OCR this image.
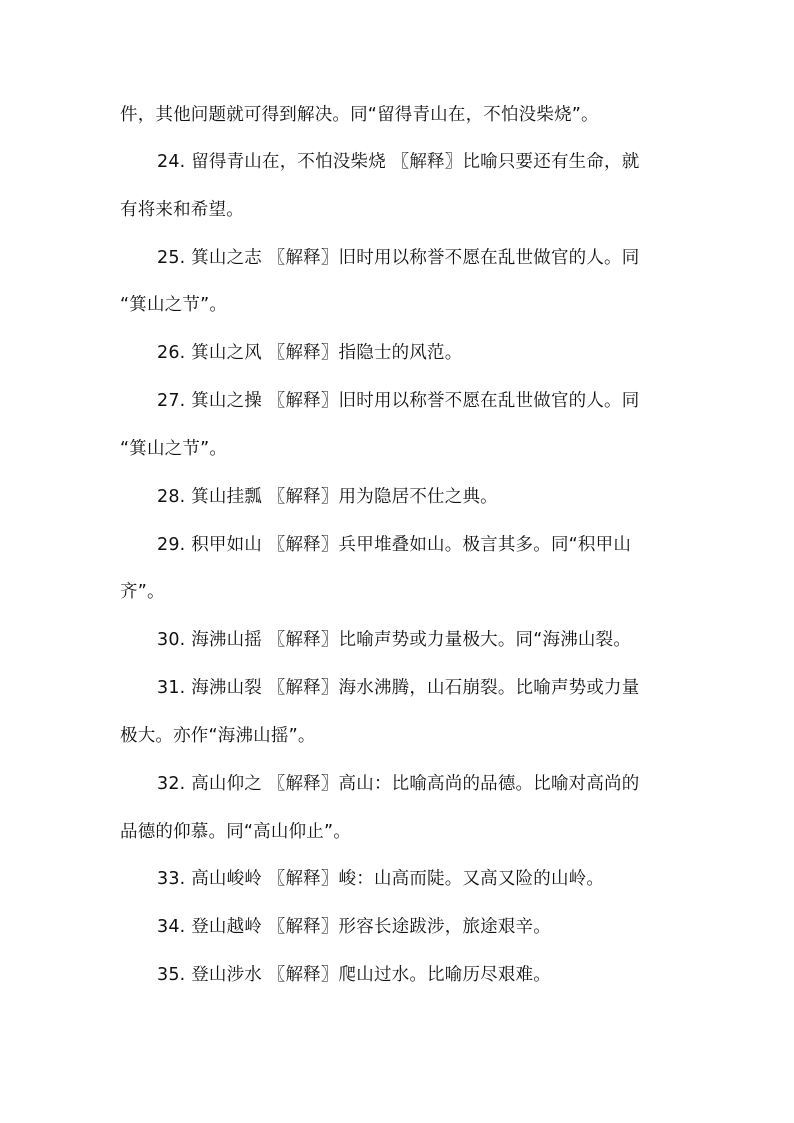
件，其他问题就可得到解决。同“留得青山在，不怕没柴烧”。
24. 留得青山在，不怕没柴烧 〖解释〗比喻只要还有生命，就
有将来和希望。
25. 箕山之志 〖解释〗旧时用以称誉不愿在乱世做官的人。同
“箕山之节”。
26. 箕山之风 〖解释〗指隐士的风范。
27. 箕山之操 〖解释〗旧时用以称誉不愿在乱世做官的人。同
“箕山之节”。
28. 箕山挂瓢 〖解释〗用为隐居不仕之典。
29. 积甲如山 〖解释〗兵甲堆叠如山。极言其多。同“积甲山
齐”。
30. 海沸山摇 〖解释〗比喻声势或力量极大。同“海沸山裂。
31. 海沸山裂 〖解释〗海水沸腾，山石崩裂。比喻声势或力量
极大。亦作“海沸山摇”。
32. 高山仰之 〖解释〗高山：比喻高尚的品德。比喻对高尚的
品德的仰慕。同“高山仰止”。
33. 高山峻岭 〖解释〗峻：山高而陡。又高又险的山岭。
34. 登山越岭 〖解释〗形容长途跋涉，旅途艰辛。
35. 登山涉水 〖解释〗爬山过水。比喻历尽艰难。
